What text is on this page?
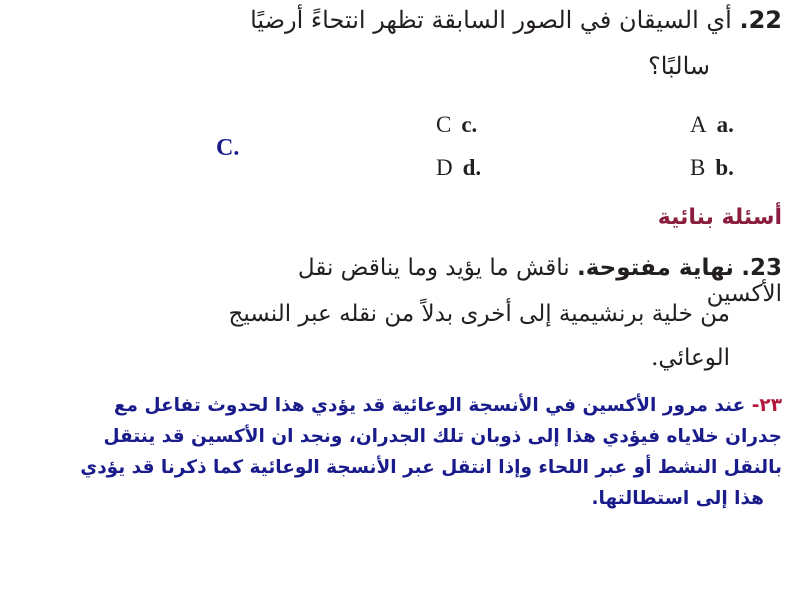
22. أي السيقان في الصور السابقة تظهر انتحاءً أرضيًا
سالبًا؟
A a.
B b.
C c.
D d.
C.
أسئلة بنائية
23. نهاية مفتوحة. ناقش ما يؤيد وما يناقض نقل الأكسين
من خلية برنشيمية إلى أخرى بدلاً من نقله عبر النسيج
الوعائي.
٢٣- عند مرور الأكسين في الأنسجة الوعائية قد يؤدي هذا لحدوث تفاعل مع
جدران خلاياه فيؤدي هذا إلى ذوبان تلك الجدران، ونجد ان الأكسين قد ينتقل
بالنقل النشط أو عبر اللحاء وإذا انتقل عبر الأنسجة الوعائية كما ذكرنا قد يؤدي
هذا إلى استطالتها.
